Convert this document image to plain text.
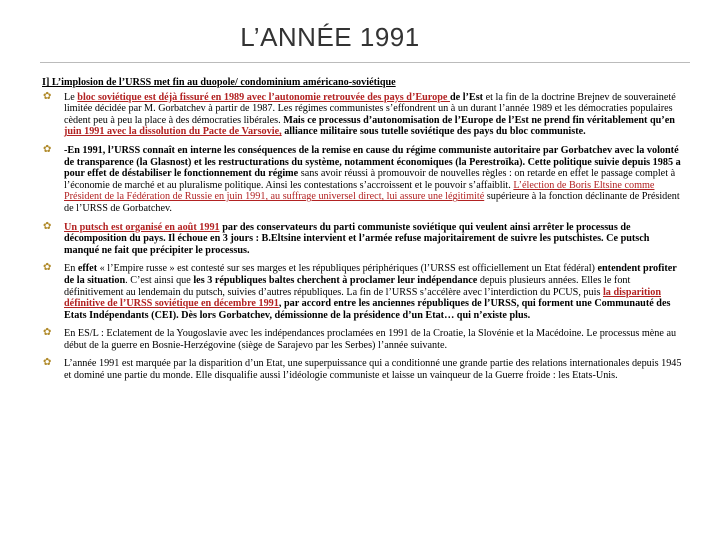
L’ANNÉE 1991
I] L’implosion de l’URSS met fin au duopole/ condominium américano-soviétique
✿ Le bloc soviétique est déjà fissuré en 1989 avec l’autonomie retrouvée des pays d’Europe de l’Est et la fin de la doctrine Brejnev de souveraineté limitée décidée par M. Gorbatchev à partir de 1987. Les régimes communistes s’effondrent un à un durant l’année 1989 et les démocraties populaires cèdent peu à peu la place à des démocraties libérales. Mais ce processus d’autonomisation de l’Europe de l’Est ne prend fin véritablement qu’en juin 1991 avec la dissolution du Pacte de Varsovie, alliance militaire sous tutelle soviétique des pays du bloc communiste.
✿ -En 1991, l’URSS connaît en interne les conséquences de la remise en cause du régime communiste autoritaire par Gorbatchev avec la volonté de transparence (la Glasnost) et les restructurations du système, notamment économiques (la Perestroïka). Cette politique suivie depuis 1985 a pour effet de déstabiliser le fonctionnement du régime sans avoir réussi à promouvoir de nouvelles règles : on retarde en effet le passage complet à l’économie de marché et au pluralisme politique. Ainsi les contestations s’accroissent et le pouvoir s’affaiblit. L’élection de Boris Eltsine comme Président de la Fédération de Russie en juin 1991, au suffrage universel direct, lui assure une légitimité supérieure à la fonction déclinante de Président de l’URSS de Gorbatchev.
✿ Un putsch est organisé en août 1991 par des conservateurs du parti communiste soviétique qui veulent ainsi arrêter le processus de décomposition du pays. Il échoue en 3 jours : B.Eltsine intervient et l’armée refuse majoritairement de suivre les putschistes. Ce putsch manqué ne fait que précipiter le processus.
✿ En effet « l’Empire russe » est contesté sur ses marges et les républiques périphériques (l’URSS est officiellement un Etat fédéral) entendent profiter de la situation. C’est ainsi que les 3 républiques baltes cherchent à proclamer leur indépendance depuis plusieurs années. Elles le font définitivement au lendemain du putsch, suivies d’autres républiques. La fin de l’URSS s’accélère avec l’interdiction du PCUS, puis la disparition définitive de l’URSS soviétique en décembre 1991, par accord entre les anciennes républiques de l’URSS, qui forment une Communauté des Etats Indépendants (CEI). Dès lors Gorbatchev, démissionne de la présidence d’un Etat… qui n’existe plus.
✿ En ES/L : Eclatement de la Yougoslavie avec les indépendances proclamées en 1991 de la Croatie, la Slovénie et la Macédoine. Le processus mène au début de la guerre en Bosnie-Herzégovine (siège de Sarajevo par les Serbes) l’année suivante.
✿ L’année 1991 est marquée par la disparition d’un Etat, une superpuissance qui a conditionné une grande partie des relations internationales depuis 1945 et dominé une partie du monde. Elle disqualifie aussi l’idéologie communiste et laisse un vainqueur de la Guerre froide : les Etats-Unis.
